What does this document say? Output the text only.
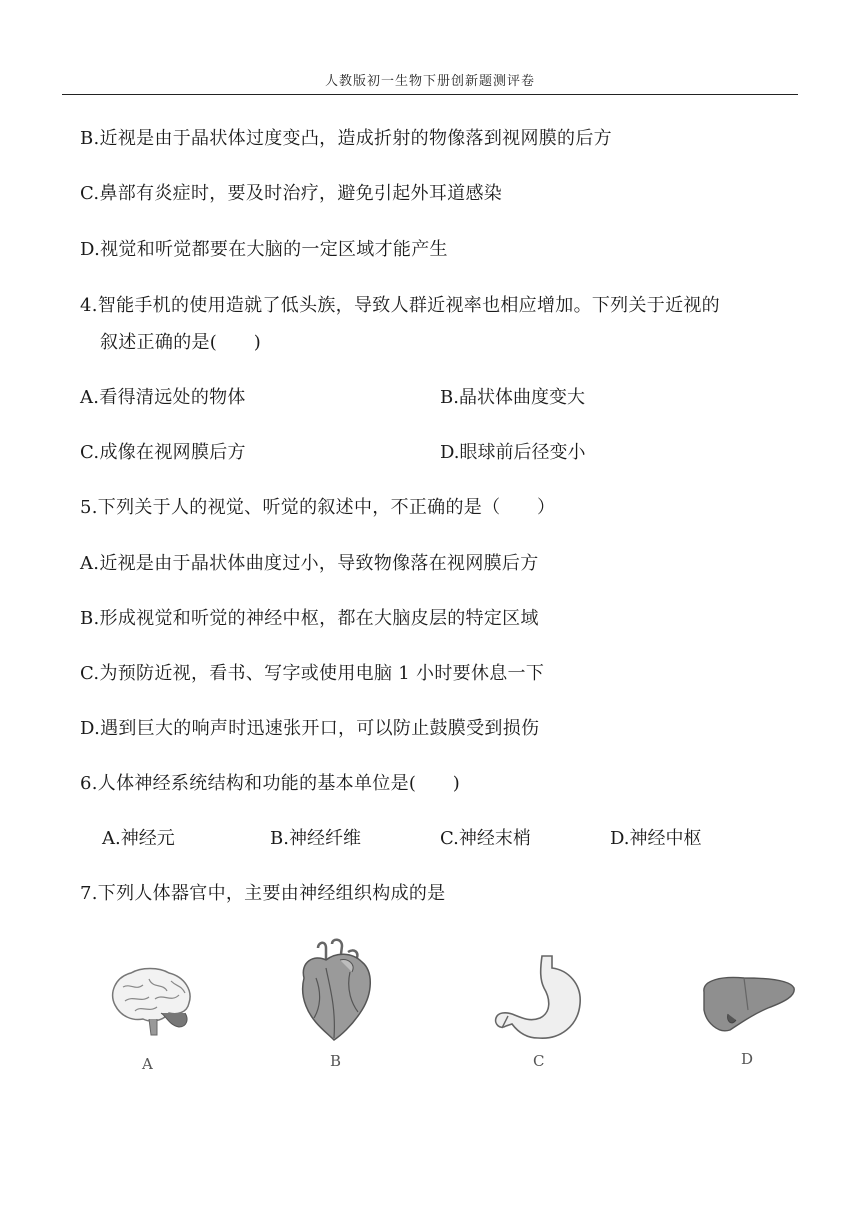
人教版初一生物下册创新题测评卷
B.近视是由于晶状体过度变凸，造成折射的物像落到视网膜的后方
C.鼻部有炎症时，要及时治疗，避免引起外耳道感染
D.视觉和听觉都要在大脑的一定区域才能产生
4.智能手机的使用造就了低头族，导致人群近视率也相应增加。下列关于近视的
叙述正确的是(　　)
A.看得清远处的物体	B.晶状体曲度变大
C.成像在视网膜后方	D.眼球前后径变小
5.下列关于人的视觉、听觉的叙述中，不正确的是（　　）
A.近视是由于晶状体曲度过小，导致物像落在视网膜后方
B.形成视觉和听觉的神经中枢，都在大脑皮层的特定区域
C.为预防近视，看书、写字或使用电脑 1 小时要休息一下
D.遇到巨大的响声时迅速张开口，可以防止鼓膜受到损伤
6.人体神经系统结构和功能的基本单位是(　　)
A.神经元	B.神经纤维	C.神经末梢	D.神经中枢
7.下列人体器官中，主要由神经组织构成的是
A	B	C	D
